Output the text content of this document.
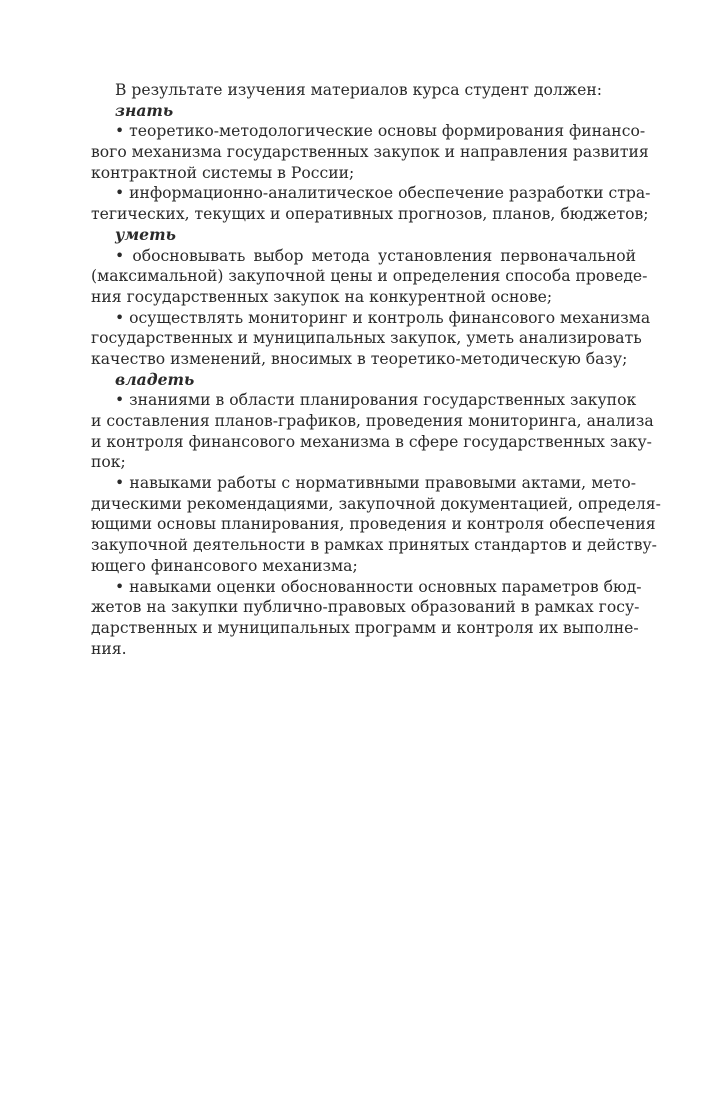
В результате изучения материалов курса студент должен:
знать
• теоретико-методологические основы формирования финансо-
вого механизма государственных закупок и направления развития
контрактной системы в России;
• информационно-аналитическое обеспечение разработки стра-
тегических, текущих и оперативных прогнозов, планов, бюджетов;
уметь
• обосновывать выбор метода установления первоначальной
(максимальной) закупочной цены и определения способа проведе-
ния государственных закупок на конкурентной основе;
• осуществлять мониторинг и контроль финансового механизма
государственных и муниципальных закупок, уметь анализировать
качество изменений, вносимых в теоретико-методическую базу;
владеть
• знаниями в области планирования государственных закупок
и составления планов-графиков, проведения мониторинга, анализа
и контроля финансового механизма в сфере государственных заку-
пок;
• навыками работы с нормативными правовыми актами, мето-
дическими рекомендациями, закупочной документацией, определя-
ющими основы планирования, проведения и контроля обеспечения
закупочной деятельности в рамках принятых стандартов и действу-
ющего финансового механизма;
• навыками оценки обоснованности основных параметров бюд-
жетов на закупки публично-правовых образований в рамках госу-
дарственных и муниципальных программ и контроля их выполне-
ния.
